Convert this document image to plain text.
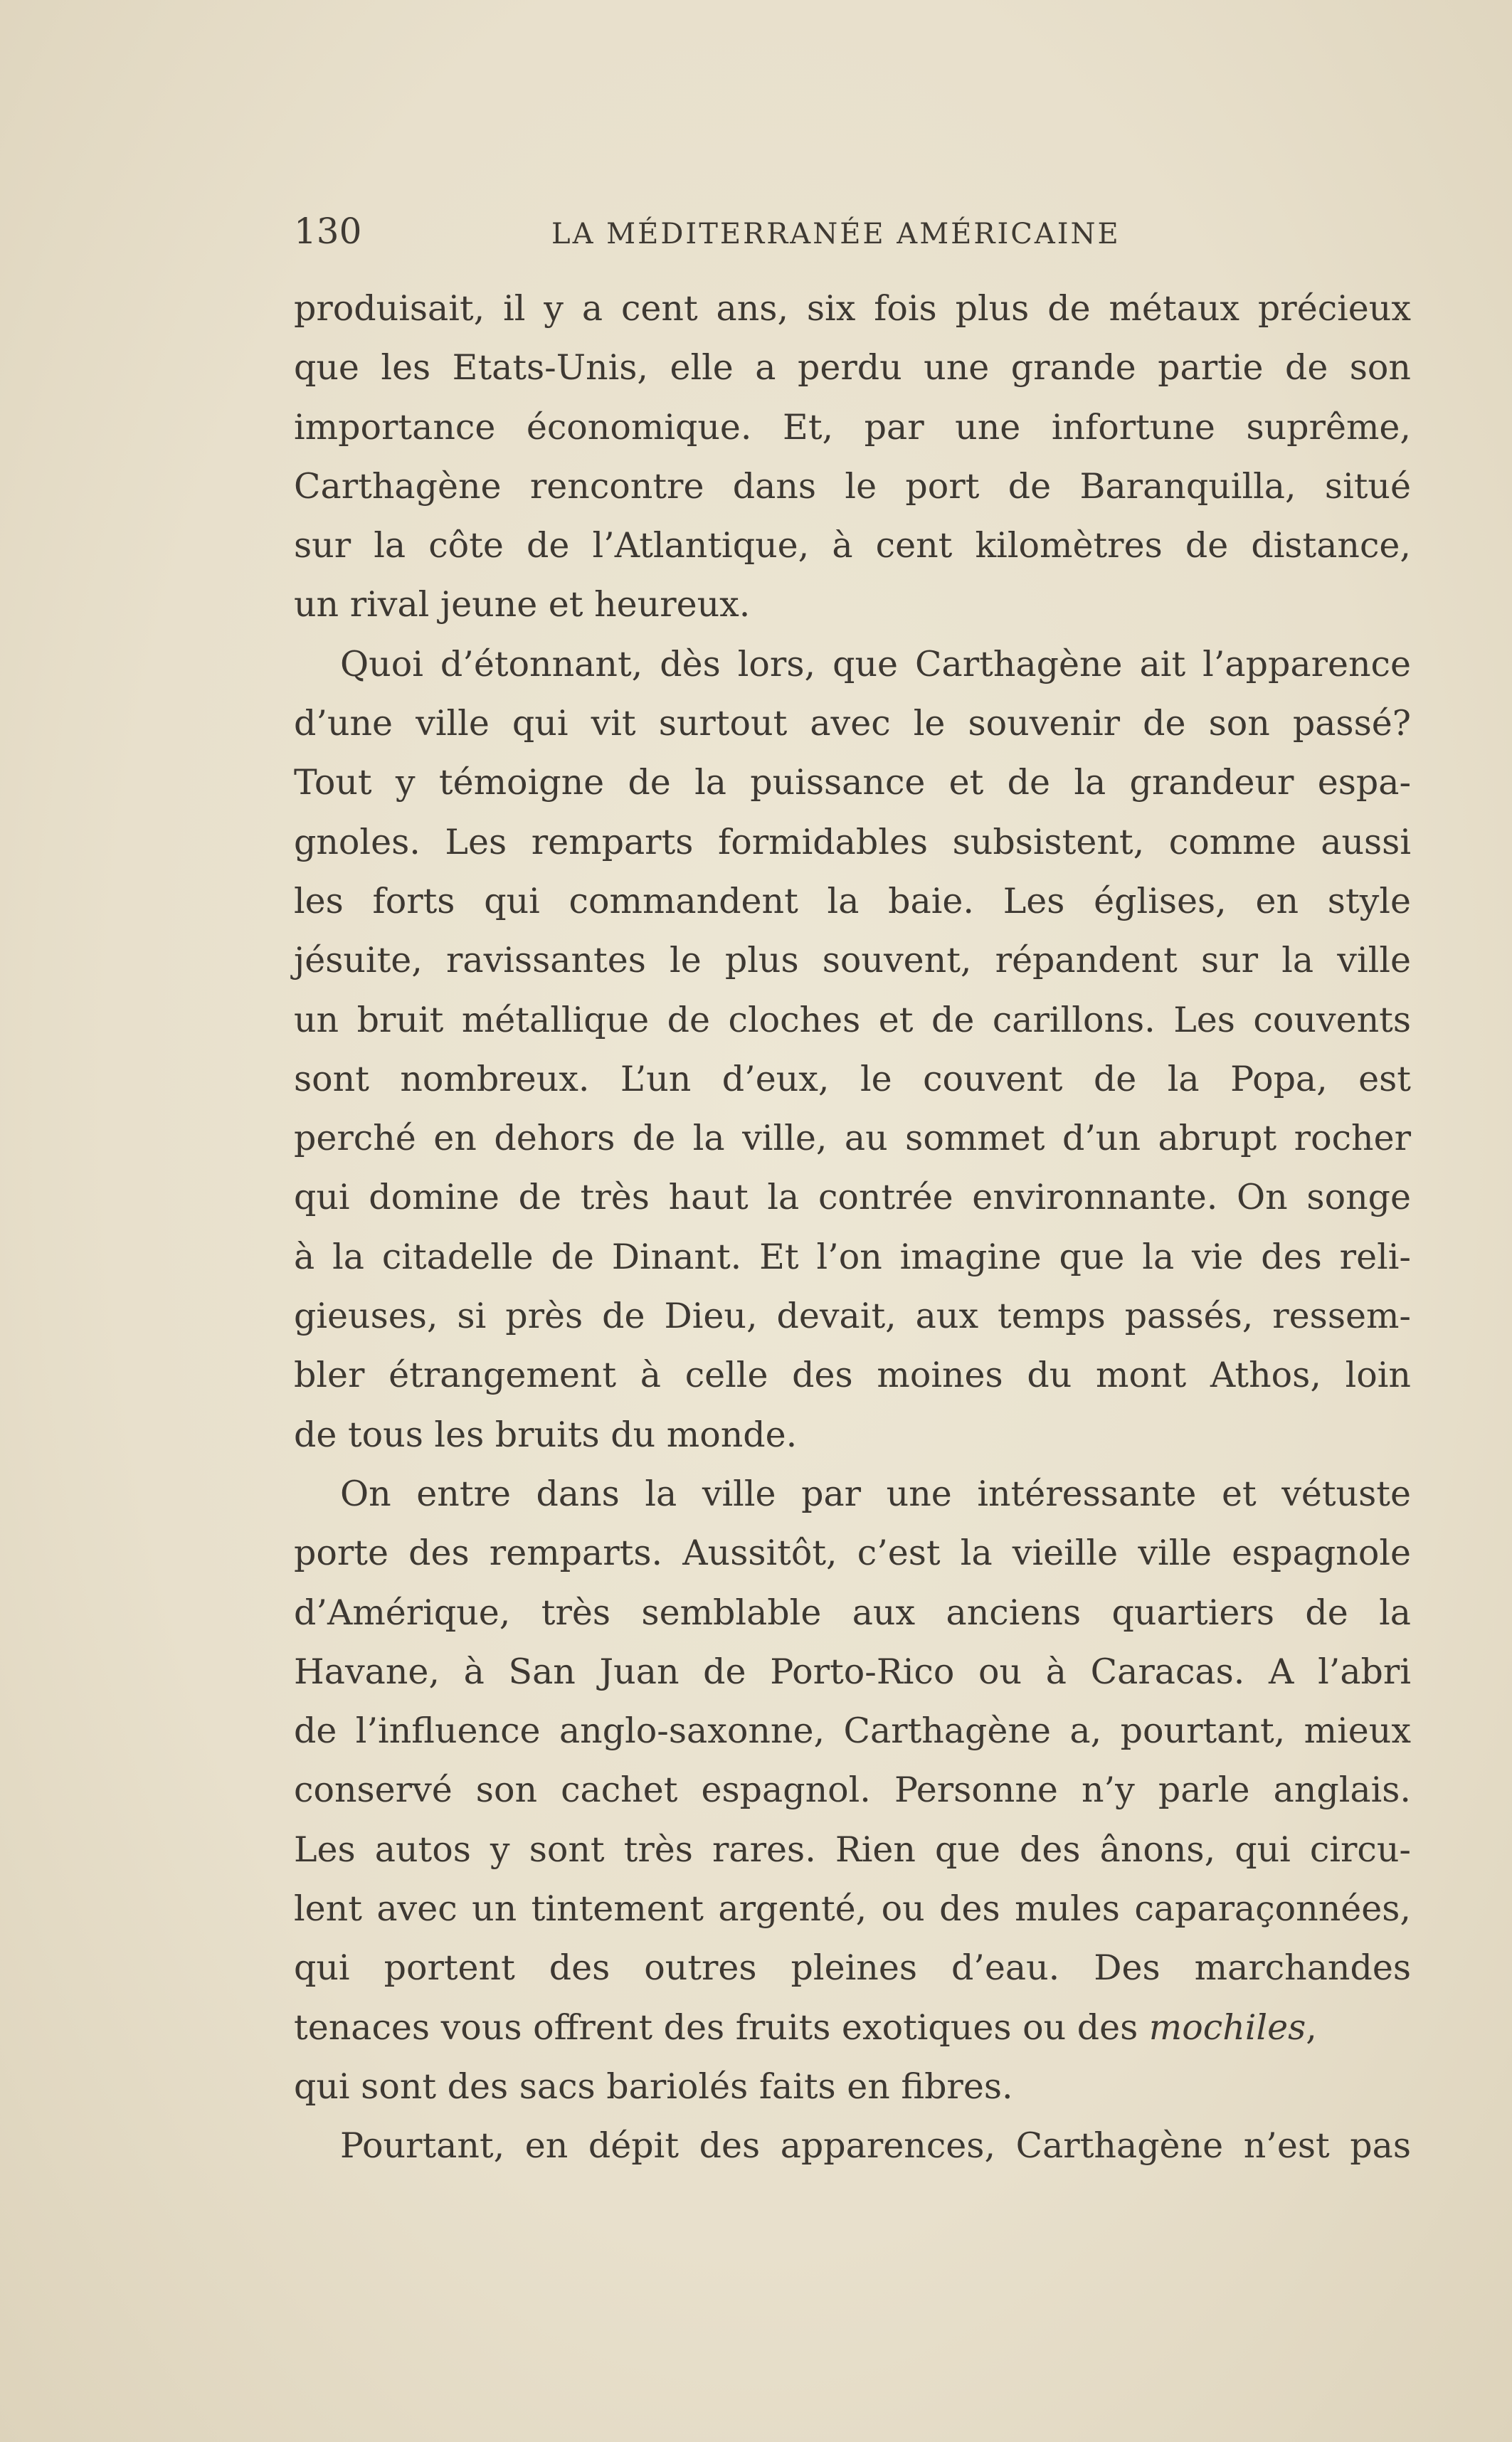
130	LA MÉDITERRANÉE AMÉRICAINE
produisait, il y a cent ans, six fois plus de métaux précieux
que les Etats-Unis, elle a perdu une grande partie de son
importance économique. Et, par une infortune suprême,
Carthagène rencontre dans le port de Baranquilla, situé
sur la côte de l’Atlantique, à cent kilomètres de distance,
un rival jeune et heureux.
Quoi d’étonnant, dès lors, que Carthagène ait l’apparence
d’une ville qui vit surtout avec le souvenir de son passé?
Tout y témoigne de la puissance et de la grandeur espa-
gnoles. Les remparts formidables subsistent, comme aussi
les forts qui commandent la baie. Les églises, en style
jésuite, ravissantes le plus souvent, répandent sur la ville
un bruit métallique de cloches et de carillons. Les couvents
sont nombreux. L’un d’eux, le couvent de la Popa, est
perché en dehors de la ville, au sommet d’un abrupt rocher
qui domine de très haut la contrée environnante. On songe
à la citadelle de Dinant. Et l’on imagine que la vie des reli-
gieuses, si près de Dieu, devait, aux temps passés, ressem-
bler étrangement à celle des moines du mont Athos, loin
de tous les bruits du monde.
On entre dans la ville par une intéressante et vétuste
porte des remparts. Aussitôt, c’est la vieille ville espagnole
d’Amérique, très semblable aux anciens quartiers de la
Havane, à San Juan de Porto-Rico ou à Caracas. A l’abri
de l’influence anglo-saxonne, Carthagène a, pourtant, mieux
conservé son cachet espagnol. Personne n’y parle anglais.
Les autos y sont très rares. Rien que des ânons, qui circu-
lent avec un tintement argenté, ou des mules caparaçonnées,
qui portent des outres pleines d’eau. Des marchandes
tenaces vous offrent des fruits exotiques ou des mochiles,
qui sont des sacs bariolés faits en fibres.
Pourtant, en dépit des apparences, Carthagène n’est pas
